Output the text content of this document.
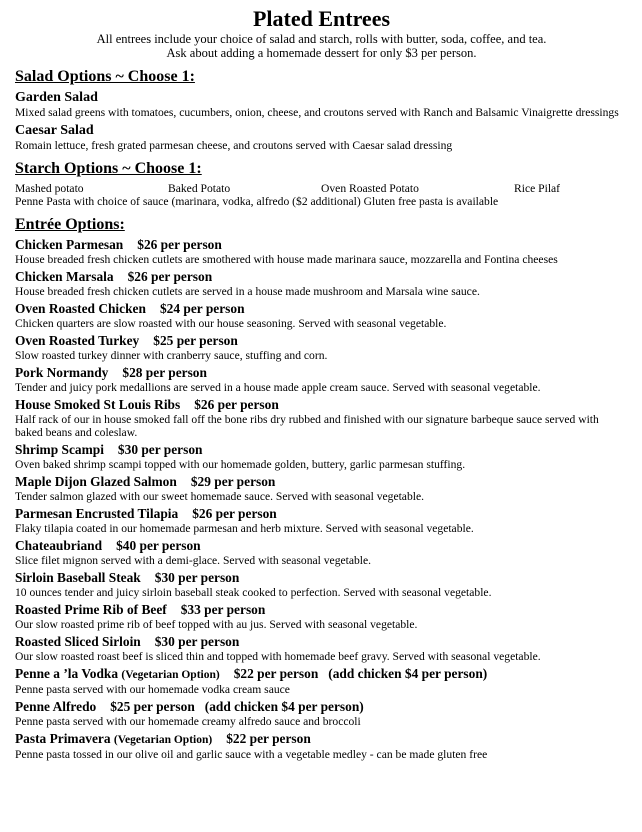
Plated Entrees
All entrees include your choice of salad and starch, rolls with butter, soda, coffee, and tea.
Ask about adding a homemade dessert for only $3 per person.
Salad Options ~ Choose 1:
Garden Salad
Mixed salad greens with tomatoes, cucumbers, onion, cheese, and croutons served with Ranch and Balsamic Vinaigrette dressings
Caesar Salad
Romain lettuce, fresh grated parmesan cheese, and croutons served with Caesar salad dressing
Starch Options ~ Choose 1:
Mashed potato	Baked Potato	Oven Roasted Potato	Rice Pilaf
Penne Pasta with choice of sauce (marinara, vodka, alfredo ($2 additional) Gluten free pasta is available
Entrée Options:
Chicken Parmesan $26 per person
House breaded fresh chicken cutlets are smothered with house made marinara sauce, mozzarella and Fontina cheeses
Chicken Marsala $26 per person
House breaded fresh chicken cutlets are served in a house made mushroom and Marsala wine sauce.
Oven Roasted Chicken $24 per person
Chicken quarters are slow roasted with our house seasoning. Served with seasonal vegetable.
Oven Roasted Turkey $25 per person
Slow roasted turkey dinner with cranberry sauce, stuffing and corn.
Pork Normandy $28 per person
Tender and juicy pork medallions are served in a house made apple cream sauce. Served with seasonal vegetable.
House Smoked St Louis Ribs $26 per person
Half rack of our in house smoked fall off the bone ribs dry rubbed and finished with our signature barbeque sauce served with baked beans and coleslaw.
Shrimp Scampi $30 per person
Oven baked shrimp scampi topped with our homemade golden, buttery, garlic parmesan stuffing.
Maple Dijon Glazed Salmon $29 per person
Tender salmon glazed with our sweet homemade sauce. Served with seasonal vegetable.
Parmesan Encrusted Tilapia $26 per person
Flaky tilapia coated in our homemade parmesan and herb mixture. Served with seasonal vegetable.
Chateaubriand $40 per person
Slice filet mignon served with a demi-glace. Served with seasonal vegetable.
Sirloin Baseball Steak $30 per person
10 ounces tender and juicy sirloin baseball steak cooked to perfection. Served with seasonal vegetable.
Roasted Prime Rib of Beef $33 per person
Our slow roasted prime rib of beef topped with au jus. Served with seasonal vegetable.
Roasted Sliced Sirloin $30 per person
Our slow roasted roast beef is sliced thin and topped with homemade beef gravy. Served with seasonal vegetable.
Penne a ’la Vodka (Vegetarian Option) $22 per person (add chicken $4 per person)
Penne pasta served with our homemade vodka cream sauce
Penne Alfredo $25 per person (add chicken $4 per person)
Penne pasta served with our homemade creamy alfredo sauce and broccoli
Pasta Primavera (Vegetarian Option) $22 per person
Penne pasta tossed in our olive oil and garlic sauce with a vegetable medley - can be made gluten free
